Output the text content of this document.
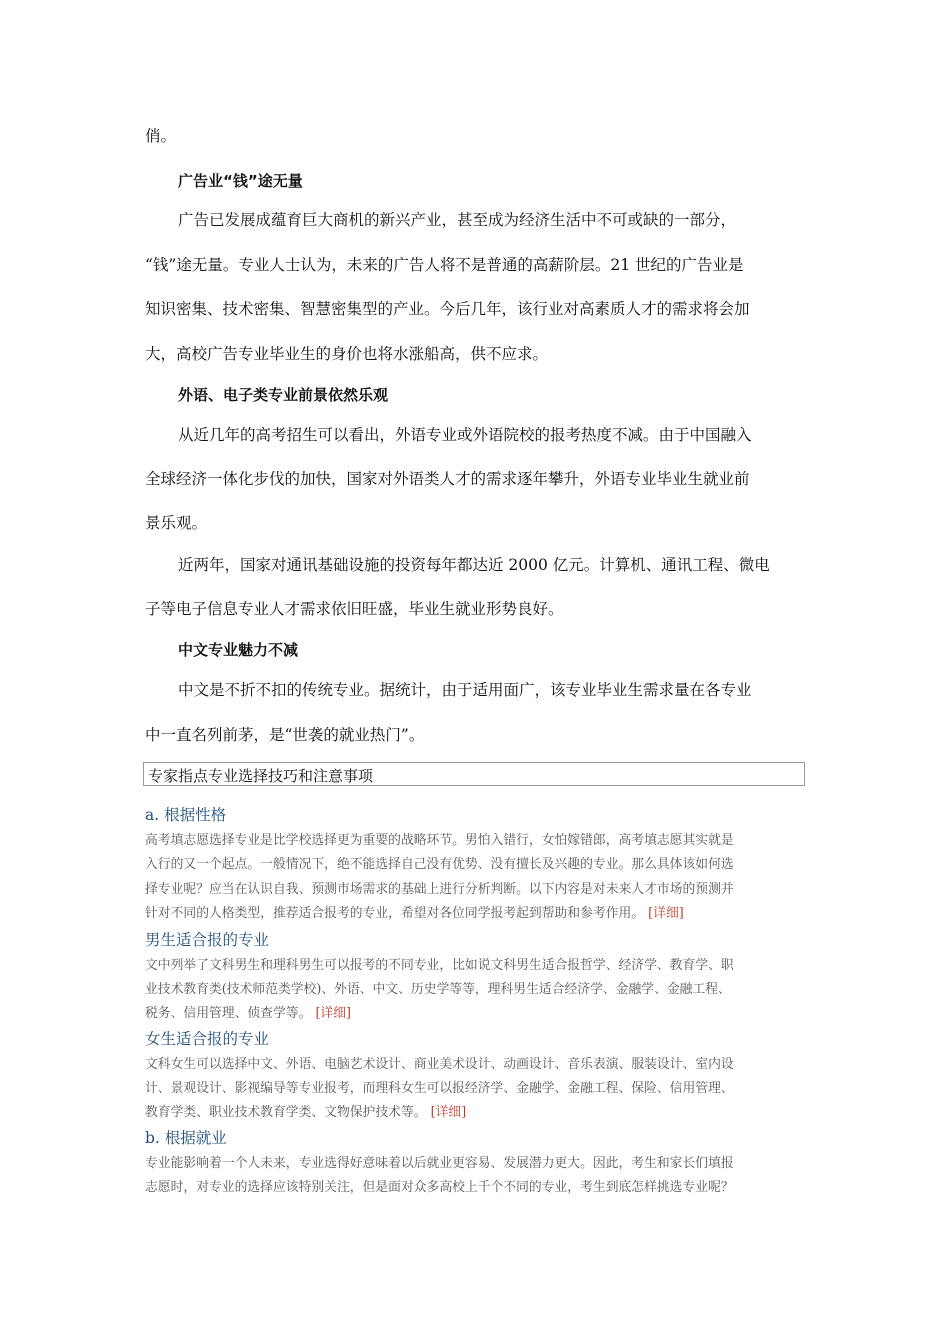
俏。
广告业“钱”途无量
广告已发展成蕴育巨大商机的新兴产业，甚至成为经济生活中不可或缺的一部分，
“钱”途无量。专业人士认为，未来的广告人将不是普通的高薪阶层。21 世纪的广告业是
知识密集、技术密集、智慧密集型的产业。今后几年，该行业对高素质人才的需求将会加
大，高校广告专业毕业生的身价也将水涨船高，供不应求。
外语、电子类专业前景依然乐观
从近几年的高考招生可以看出，外语专业或外语院校的报考热度不减。由于中国融入
全球经济一体化步伐的加快，国家对外语类人才的需求逐年攀升，外语专业毕业生就业前
景乐观。
近两年，国家对通讯基础设施的投资每年都达近 2000 亿元。计算机、通讯工程、微电
子等电子信息专业人才需求依旧旺盛，毕业生就业形势良好。
中文专业魅力不减
中文是不折不扣的传统专业。据统计，由于适用面广，该专业毕业生需求量在各专业
中一直名列前茅，是“世袭的就业热门”。
专家指点专业选择技巧和注意事项
a. 根据性格
高考填志愿选择专业是比学校选择更为重要的战略环节。男怕入错行，女怕嫁错郎，高考填志愿其实就是
入行的又一个起点。一般情况下，绝不能选择自己没有优势、没有擅长及兴趣的专业。那么具体该如何选
择专业呢？应当在认识自我、预测市场需求的基础上进行分析判断。以下内容是对未来人才市场的预测并
针对不同的人格类型，推荐适合报考的专业，希望对各位同学报考起到帮助和参考作用。 [详细]
男生适合报的专业
文中列举了文科男生和理科男生可以报考的不同专业，比如说文科男生适合报哲学、经济学、教育学、职
业技术教育类(技术师范类学校)、外语、中文、历史学等等，理科男生适合经济学、金融学、金融工程、
税务、信用管理、侦查学等。 [详细]
女生适合报的专业
文科女生可以选择中文、外语、电脑艺术设计、商业美术设计、动画设计、音乐表演、服装设计、室内设
计、景观设计、影视编导等专业报考，而理科女生可以报经济学、金融学、金融工程、保险、信用管理、
教育学类、职业技术教育学类、文物保护技术等。 [详细]
b. 根据就业
专业能影响着一个人未来，专业选得好意味着以后就业更容易、发展潜力更大。因此，考生和家长们填报
志愿时，对专业的选择应该特别关注，但是面对众多高校上千个不同的专业，考生到底怎样挑选专业呢？
